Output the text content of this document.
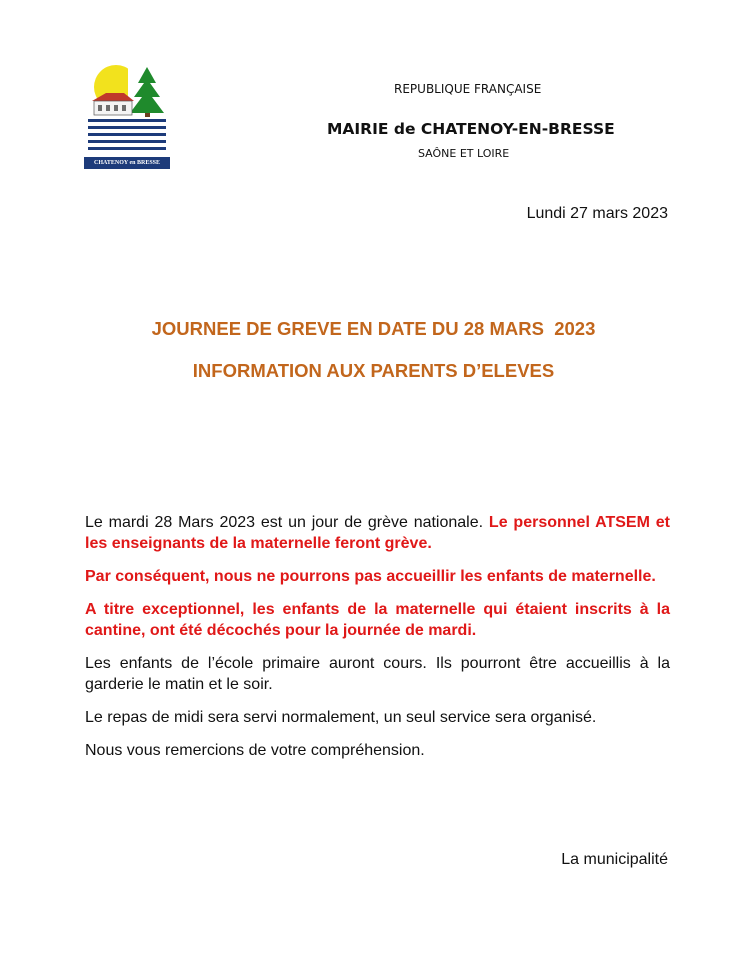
CHATENOY en BRESSE
REPUBLIQUE FRANÇAISE
MAIRIE de CHATENOY-EN-BRESSE
SAÔNE ET LOIRE
Lundi 27 mars 2023
JOURNEE DE GREVE EN DATE DU 28 MARS  2023
INFORMATION AUX PARENTS D’ELEVES

Le mardi 28 Mars 2023 est un jour de grève nationale. Le personnel ATSEM et les enseignants de la maternelle feront grève.

Par conséquent, nous ne pourrons pas accueillir les enfants de maternelle.

A titre exceptionnel, les enfants de la maternelle qui étaient inscrits à la cantine, ont été décochés pour la journée de mardi.

Les enfants de l’école primaire auront cours. Ils pourront être accueillis à la garderie le matin et le soir.

Le repas de midi sera servi normalement, un seul service sera organisé.

Nous vous remercions de votre compréhension.

La municipalité
